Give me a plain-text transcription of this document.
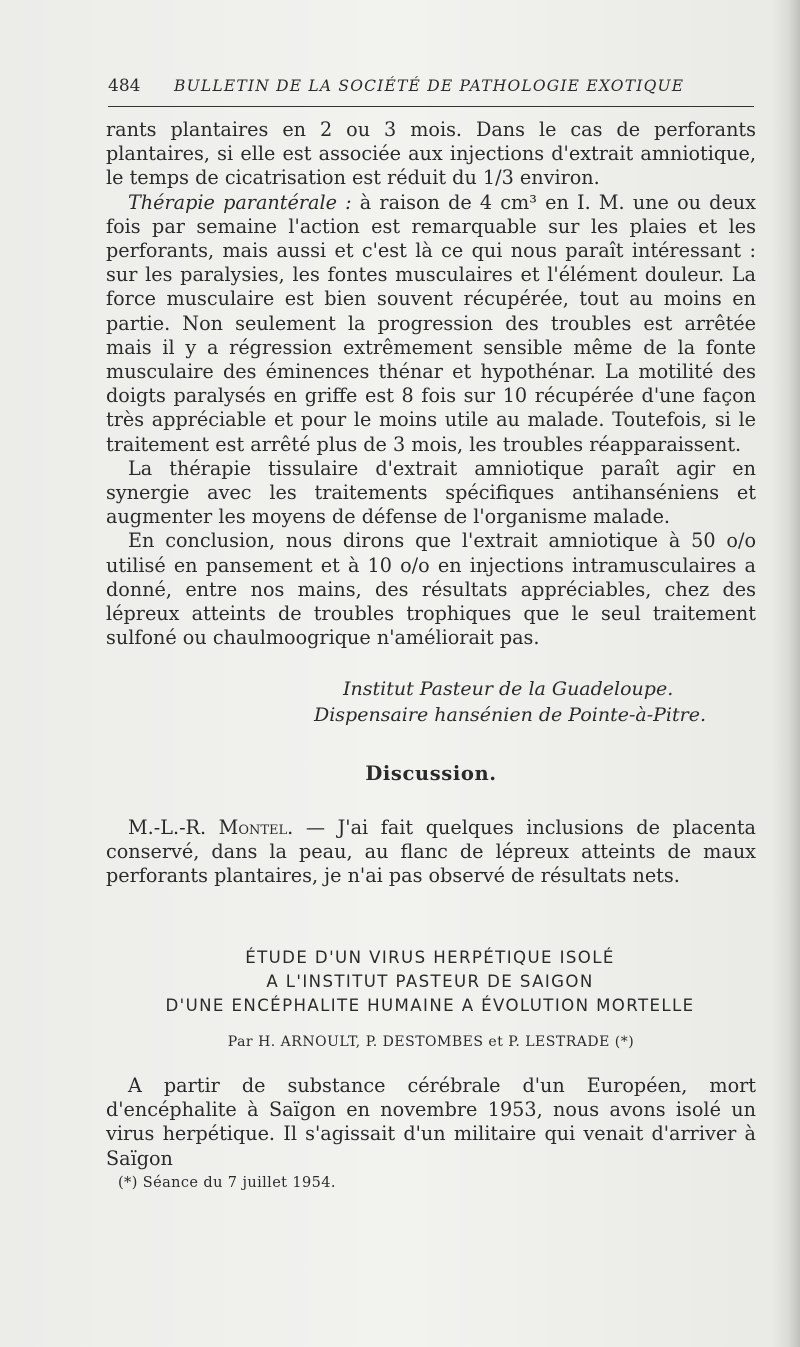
484 BULLETIN DE LA SOCIÉTÉ DE PATHOLOGIE EXOTIQUE

rants plantaires en 2 ou 3 mois. Dans le cas de perforants plantaires, si elle est associée aux injections d'extrait amniotique, le temps de cicatrisation est réduit du 1/3 environ.

Thérapie parantérale : à raison de 4 cm³ en I. M. une ou deux fois par semaine l'action est remarquable sur les plaies et les perforants, mais aussi et c'est là ce qui nous paraît intéressant : sur les paralysies, les fontes musculaires et l'élément douleur. La force musculaire est bien souvent récupérée, tout au moins en partie. Non seulement la progression des troubles est arrêtée mais il y a régression extrêmement sensible même de la fonte musculaire des éminences thénar et hypothénar. La motilité des doigts paralysés en griffe est 8 fois sur 10 récupérée d'une façon très appréciable et pour le moins utile au malade. Toutefois, si le traitement est arrêté plus de 3 mois, les troubles réapparaissent.

La thérapie tissulaire d'extrait amniotique paraît agir en synergie avec les traitements spécifiques antihanséniens et augmenter les moyens de défense de l'organisme malade.

En conclusion, nous dirons que l'extrait amniotique à 50 o/o utilisé en pansement et à 10 o/o en injections intramusculaires a donné, entre nos mains, des résultats appréciables, chez des lépreux atteints de troubles trophiques que le seul traitement sulfoné ou chaulmoogrique n'améliorait pas.

Institut Pasteur de la Guadeloupe.
Dispensaire hansénien de Pointe-à-Pitre.
Discussion.

M.-L.-R. Montel. — J'ai fait quelques inclusions de placenta conservé, dans la peau, au flanc de lépreux atteints de maux perforants plantaires, je n'ai pas observé de résultats nets.

ÉTUDE D'UN VIRUS HERPÉTIQUE ISOLÉ
A L'INSTITUT PASTEUR DE SAIGON
D'UNE ENCÉPHALITE HUMAINE A ÉVOLUTION MORTELLE
Par H. ARNOULT, P. DESTOMBES et P. LESTRADE (*)

A partir de substance cérébrale d'un Européen, mort d'encéphalite à Saïgon en novembre 1953, nous avons isolé un virus herpétique. Il s'agissait d'un militaire qui venait d'arriver à Saïgon

(*) Séance du 7 juillet 1954.
